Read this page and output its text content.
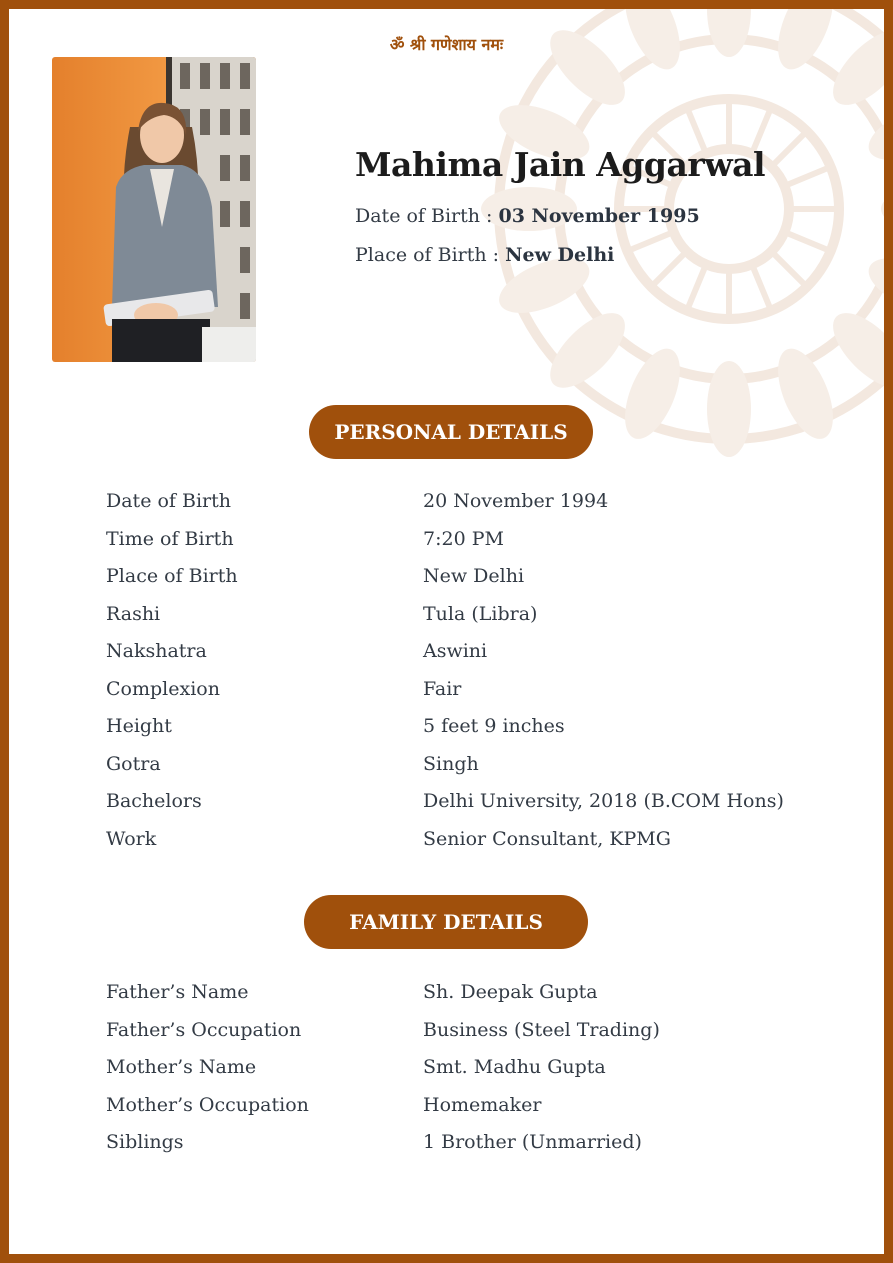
ॐ श्री गणेशाय नमः
Mahima Jain Aggarwal
Date of Birth : 03 November 1995
Place of Birth : New Delhi
PERSONAL DETAILS
Date of Birth	20 November 1994
Time of Birth	7:20 PM
Place of Birth	New Delhi
Rashi	Tula (Libra)
Nakshatra	Aswini
Complexion	Fair
Height	5 feet 9 inches
Gotra	Singh
Bachelors	Delhi University, 2018 (B.COM Hons)
Work	Senior Consultant, KPMG
FAMILY DETAILS
Father’s Name	Sh. Deepak Gupta
Father’s Occupation	Business (Steel Trading)
Mother’s Name	Smt. Madhu Gupta
Mother’s Occupation	Homemaker
Siblings	1 Brother (Unmarried)
